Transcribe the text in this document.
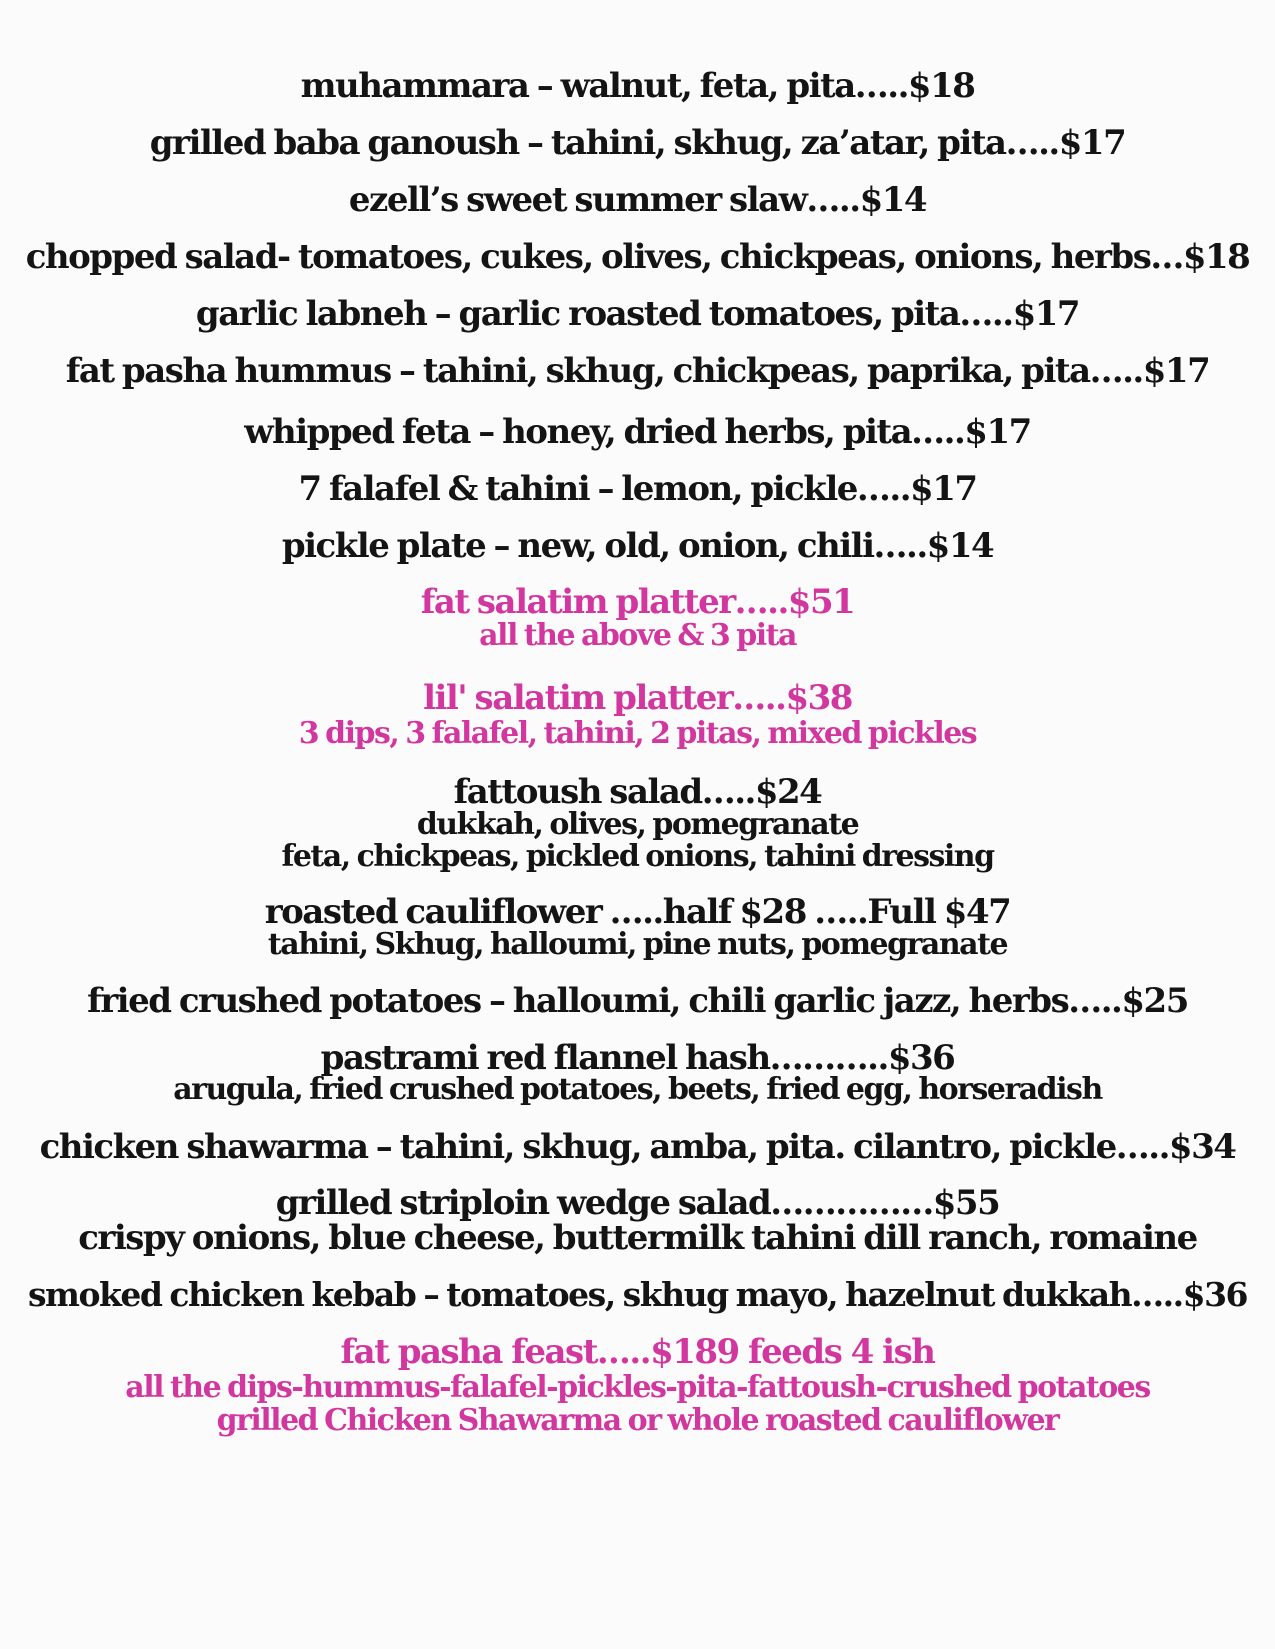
muhammara – walnut, feta, pita…..$18
grilled baba ganoush – tahini, skhug, za’atar, pita…..$17
ezell’s sweet summer slaw…..$14
chopped salad- tomatoes, cukes, olives, chickpeas, onions, herbs…$18
garlic labneh – garlic roasted tomatoes, pita…..$17
fat pasha hummus – tahini, skhug, chickpeas, paprika, pita…..$17
whipped feta – honey, dried herbs, pita…..$17
7 falafel & tahini – lemon, pickle…..$17
pickle plate – new, old, onion, chili…..$14
fat salatim platter…..$51
all the above & 3 pita
lil' salatim platter…..$38
3 dips, 3 falafel, tahini, 2 pitas, mixed pickles
fattoush salad…..$24
dukkah, olives, pomegranate
feta, chickpeas, pickled onions, tahini dressing
roasted cauliflower …..half $28 …..Full $47
tahini, Skhug, halloumi, pine nuts, pomegranate
fried crushed potatoes – halloumi, chili garlic jazz, herbs…..$25
pastrami red flannel hash………..$36
arugula, fried crushed potatoes, beets, fried egg, horseradish
chicken shawarma – tahini, skhug, amba, pita. cilantro, pickle…..$34
grilled striploin wedge salad……………$55
crispy onions, blue cheese, buttermilk tahini dill ranch, romaine
smoked chicken kebab – tomatoes, skhug mayo, hazelnut dukkah…..$36
fat pasha feast…..$189 feeds 4 ish
all the dips-hummus-falafel-pickles-pita-fattoush-crushed potatoes
grilled Chicken Shawarma or whole roasted cauliflower
